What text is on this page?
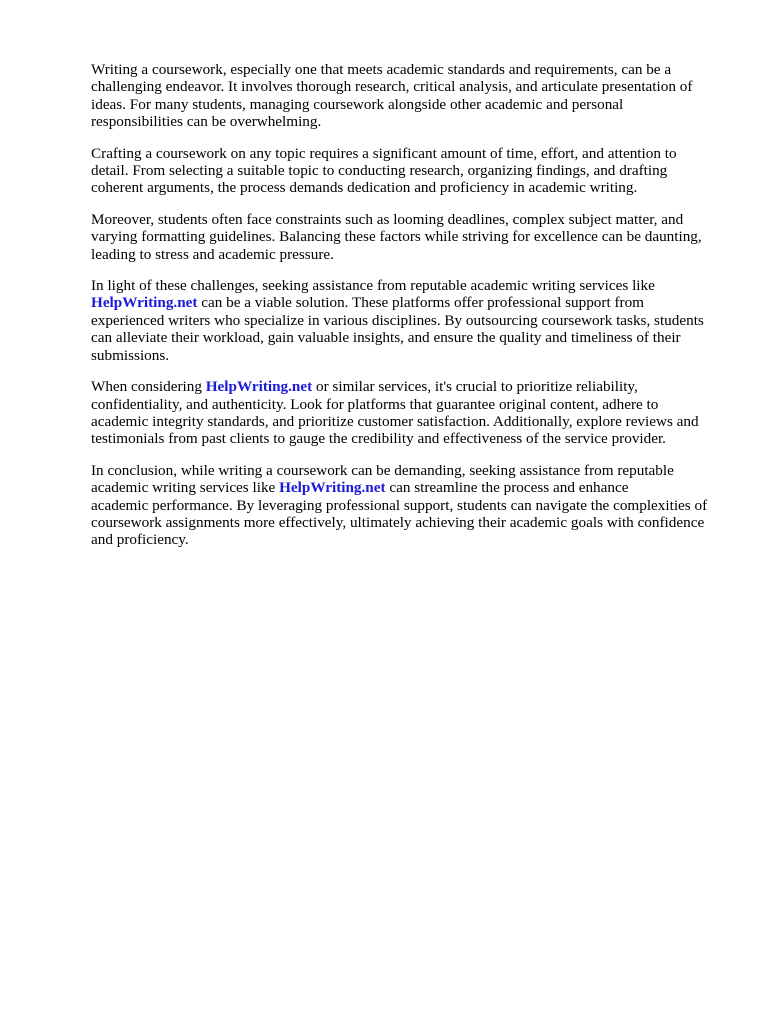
Writing a coursework, especially one that meets academic standards and requirements, can be a
challenging endeavor. It involves thorough research, critical analysis, and articulate presentation of
ideas. For many students, managing coursework alongside other academic and personal
responsibilities can be overwhelming.

Crafting a coursework on any topic requires a significant amount of time, effort, and attention to
detail. From selecting a suitable topic to conducting research, organizing findings, and drafting
coherent arguments, the process demands dedication and proficiency in academic writing.

Moreover, students often face constraints such as looming deadlines, complex subject matter, and
varying formatting guidelines. Balancing these factors while striving for excellence can be daunting,
leading to stress and academic pressure.

In light of these challenges, seeking assistance from reputable academic writing services like
HelpWriting.net can be a viable solution. These platforms offer professional support from
experienced writers who specialize in various disciplines. By outsourcing coursework tasks, students
can alleviate their workload, gain valuable insights, and ensure the quality and timeliness of their
submissions.

When considering HelpWriting.net or similar services, it's crucial to prioritize reliability,
confidentiality, and authenticity. Look for platforms that guarantee original content, adhere to
academic integrity standards, and prioritize customer satisfaction. Additionally, explore reviews and
testimonials from past clients to gauge the credibility and effectiveness of the service provider.

In conclusion, while writing a coursework can be demanding, seeking assistance from reputable
academic writing services like HelpWriting.net can streamline the process and enhance
academic performance. By leveraging professional support, students can navigate the complexities of
coursework assignments more effectively, ultimately achieving their academic goals with confidence
and proficiency.
